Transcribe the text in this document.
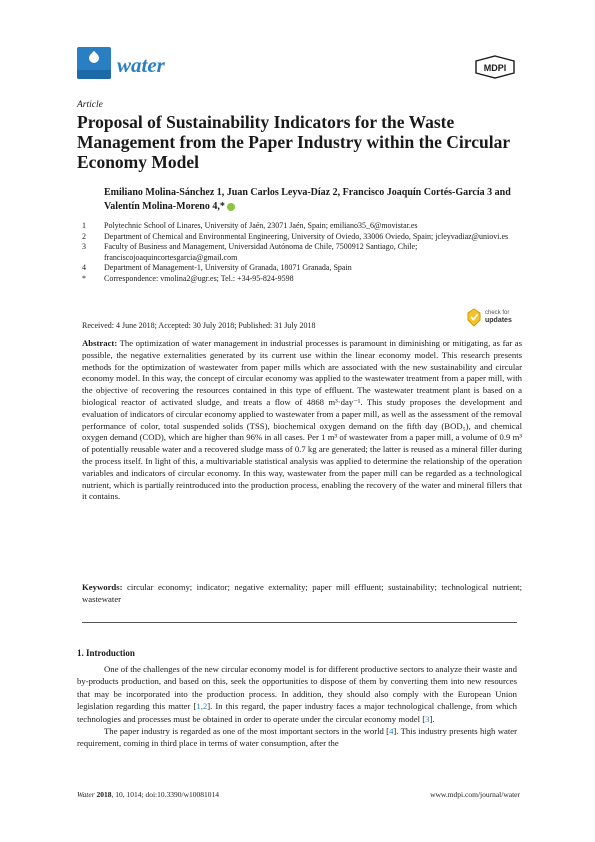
water	MDPI
Article
Proposal of Sustainability Indicators for the Waste Management from the Paper Industry within the Circular Economy Model
Emiliano Molina-Sánchez 1, Juan Carlos Leyva-Díaz 2, Francisco Joaquín Cortés-García 3 and
Valentín Molina-Moreno 4,*
1	Polytechnic School of Linares, University of Jaén, 23071 Jaén, Spain; emiliano35_6@movistar.es
2	Department of Chemical and Environmental Engineering, University of Oviedo, 33006 Oviedo, Spain; jcleyvadiaz@uniovi.es
3	Faculty of Business and Management, Universidad Autónoma de Chile, 7500912 Santiago, Chile; franciscojoaquincortesgarcia@gmail.com
4	Department of Management-1, University of Granada, 18071 Granada, Spain
*	Correspondence: vmolina2@ugr.es; Tel.: +34-95-824-9598
Received: 4 June 2018; Accepted: 30 July 2018; Published: 31 July 2018
check for
updates
Abstract: The optimization of water management in industrial processes is paramount in diminishing or mitigating, as far as possible, the negative externalities generated by its current use within the linear economy model. This research presents methods for the optimization of wastewater from paper mills which are associated with the new sustainability and circular economy model. In this way, the concept of circular economy was applied to the wastewater treatment from a paper mill, with the objective of recovering the resources contained in this type of effluent. The wastewater treatment plant is based on a biological reactor of activated sludge, and treats a flow of 4868 m³·day⁻¹. This study proposes the development and evaluation of indicators of circular economy applied to wastewater from a paper mill, as well as the assessment of the removal performance of color, total suspended solids (TSS), biochemical oxygen demand on the fifth day (BOD₅), and chemical oxygen demand (COD), which are higher than 96% in all cases. Per 1 m³ of wastewater from a paper mill, a volume of 0.9 m³ of potentially reusable water and a recovered sludge mass of 0.7 kg are generated; the latter is reused as a mineral filler during the process itself. In light of this, a multivariable statistical analysis was applied to determine the relationship of the operation variables and indicators of circular economy. In this way, wastewater from the paper mill can be regarded as a technological nutrient, which is partially reintroduced into the production process, enabling the recovery of the water and mineral fillers that it contains.
Keywords: circular economy; indicator; negative externality; paper mill effluent; sustainability; technological nutrient; wastewater
1. Introduction

One of the challenges of the new circular economy model is for different productive sectors to analyze their waste and by-products production, and based on this, seek the opportunities to dispose of them by converting them into new resources that may be incorporated into the production process. In addition, they should also comply with the European Union legislation regarding this matter [1,2]. In this regard, the paper industry faces a major technological challenge, from which technologies and processes must be obtained in order to operate under the circular economy model [3].

The paper industry is regarded as one of the most important sectors in the world [4]. This industry presents high water requirement, coming in third place in terms of water consumption, after the

Water 2018, 10, 1014; doi:10.3390/w10081014	www.mdpi.com/journal/water
